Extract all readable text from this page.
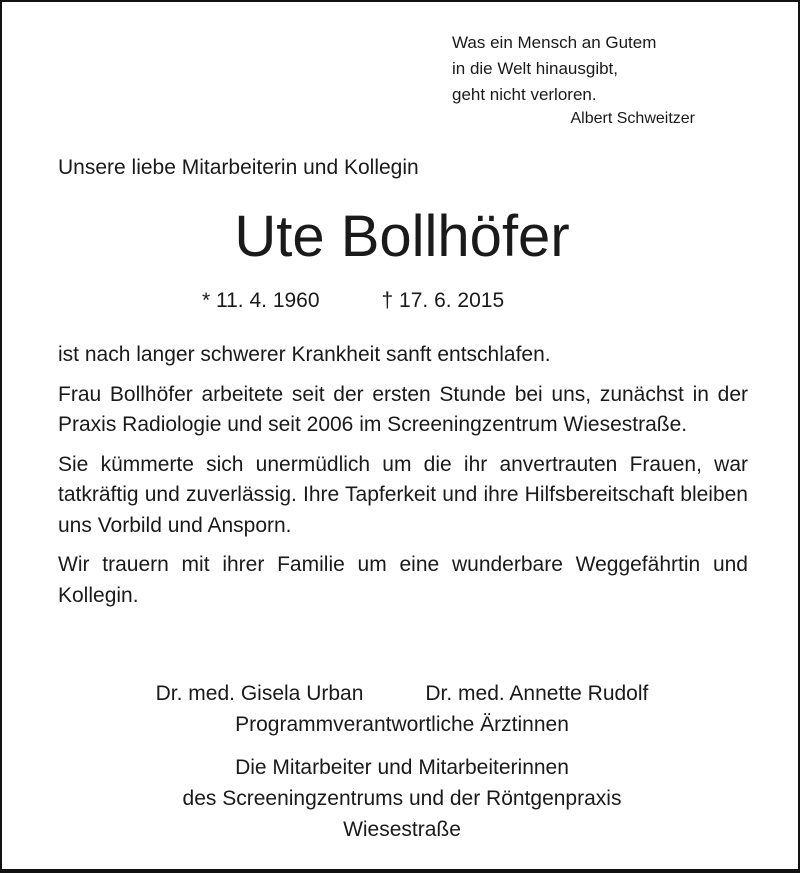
Was ein Mensch an Gutem
in die Welt hinausgibt,
geht nicht verloren.
Albert Schweitzer
Unsere liebe Mitarbeiterin und Kollegin
Ute Bollhöfer
* 11. 4. 1960	† 17. 6. 2015

ist nach langer schwerer Krankheit sanft entschlafen.

Frau Bollhöfer arbeitete seit der ersten Stunde bei uns, zunächst in der Praxis Radiologie und seit 2006 im Screeningzentrum Wiesestraße.

Sie kümmerte sich unermüdlich um die ihr anvertrauten Frauen, war tatkräftig und zuverlässig. Ihre Tapferkeit und ihre Hilfsbereitschaft bleiben uns Vorbild und Ansporn.

Wir trauern mit ihrer Familie um eine wunderbare Weggefährtin und Kollegin.

Dr. med. Gisela Urban	Dr. med. Annette Rudolf
Programmverantwortliche Ärztinnen
Die Mitarbeiter und Mitarbeiterinnen
des Screeningzentrums und der Röntgenpraxis
Wiesestraße
